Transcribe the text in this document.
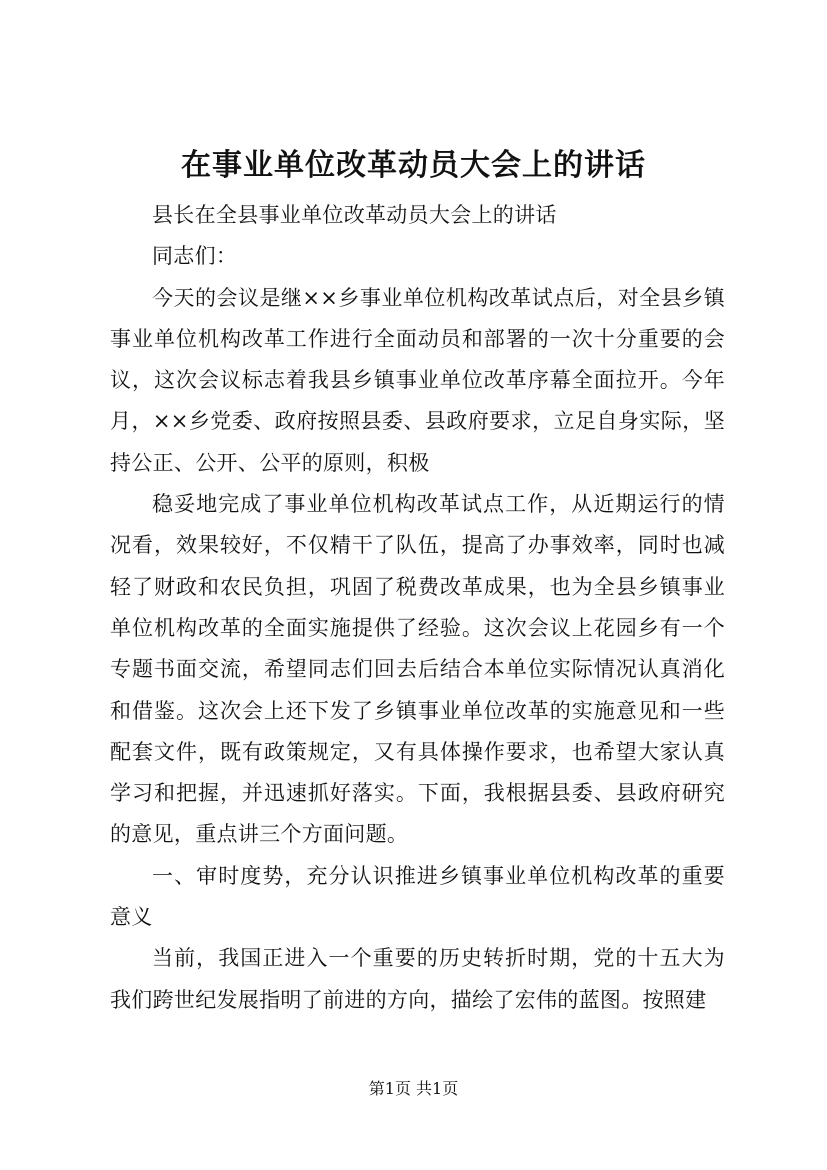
在事业单位改革动员大会上的讲话

县长在全县事业单位改革动员大会上的讲话

同志们：

今天的会议是继××乡事业单位机构改革试点后，对全县乡镇事业单位机构改革工作进行全面动员和部署的一次十分重要的会议，这次会议标志着我县乡镇事业单位改革序幕全面拉开。今年月，××乡党委、政府按照县委、县政府要求，立足自身实际，坚持公正、公开、公平的原则，积极

稳妥地完成了事业单位机构改革试点工作，从近期运行的情况看，效果较好，不仅精干了队伍，提高了办事效率，同时也减轻了财政和农民负担，巩固了税费改革成果，也为全县乡镇事业单位机构改革的全面实施提供了经验。这次会议上花园乡有一个专题书面交流，希望同志们回去后结合本单位实际情况认真消化和借鉴。这次会上还下发了乡镇事业单位改革的实施意见和一些配套文件，既有政策规定，又有具体操作要求，也希望大家认真学习和把握，并迅速抓好落实。下面，我根据县委、县政府研究的意见，重点讲三个方面问题。

一、审时度势，充分认识推进乡镇事业单位机构改革的重要意义

当前，我国正进入一个重要的历史转折时期，党的十五大为我们跨世纪发展指明了前进的方向，描绘了宏伟的蓝图。按照建

第1页 共1页
